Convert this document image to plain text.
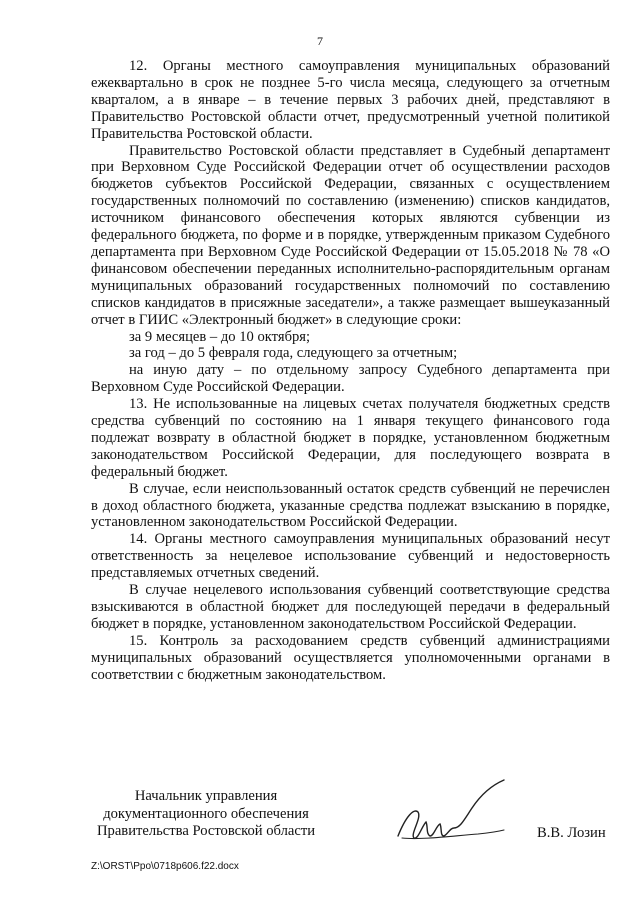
7

12. Органы местного самоуправления муниципальных образований ежеквартально в срок не позднее 5-го числа месяца, следующего за отчетным кварталом, а в январе – в течение первых 3 рабочих дней, представляют в Правительство Ростовской области отчет, предусмотренный учетной политикой Правительства Ростовской области.

Правительство Ростовской области представляет в Судебный департамент при Верховном Суде Российской Федерации отчет об осуществлении расходов бюджетов субъектов Российской Федерации, связанных с осуществлением государственных полномочий по составлению (изменению) списков кандидатов, источником финансового обеспечения которых являются субвенции из федерального бюджета, по форме и в порядке, утвержденным приказом Судебного департамента при Верховном Суде Российской Федерации от 15.05.2018 № 78 «О финансовом обеспечении переданных исполнительно-распорядительным органам муниципальных образований государственных полномочий по составлению списков кандидатов в присяжные заседатели», а также размещает вышеуказанный отчет в ГИИС «Электронный бюджет» в следующие сроки:

за 9 месяцев – до 10 октября;

за год – до 5 февраля года, следующего за отчетным;

на иную дату – по отдельному запросу Судебного департамента при Верховном Суде Российской Федерации.

13. Не использованные на лицевых счетах получателя бюджетных средств средства субвенций по состоянию на 1 января текущего финансового года подлежат возврату в областной бюджет в порядке, установленном бюджетным законодательством Российской Федерации, для последующего возврата в федеральный бюджет.

В случае, если неиспользованный остаток средств субвенций не перечислен в доход областного бюджета, указанные средства подлежат взысканию в порядке, установленном законодательством Российской Федерации.

14. Органы местного самоуправления муниципальных образований несут ответственность за нецелевое использование субвенций и недостоверность представляемых отчетных сведений.

В случае нецелевого использования субвенций соответствующие средства взыскиваются в областной бюджет для последующей передачи в федеральный бюджет в порядке, установленном законодательством Российской Федерации.

15. Контроль за расходованием средств субвенций администрациями муниципальных образований осуществляется уполномоченными органами в соответствии с бюджетным законодательством.

Начальник управления
документационного обеспечения
Правительства Ростовской области	В.В. Лозин
Z:\ORST\Ppo\0718p606.f22.docx
